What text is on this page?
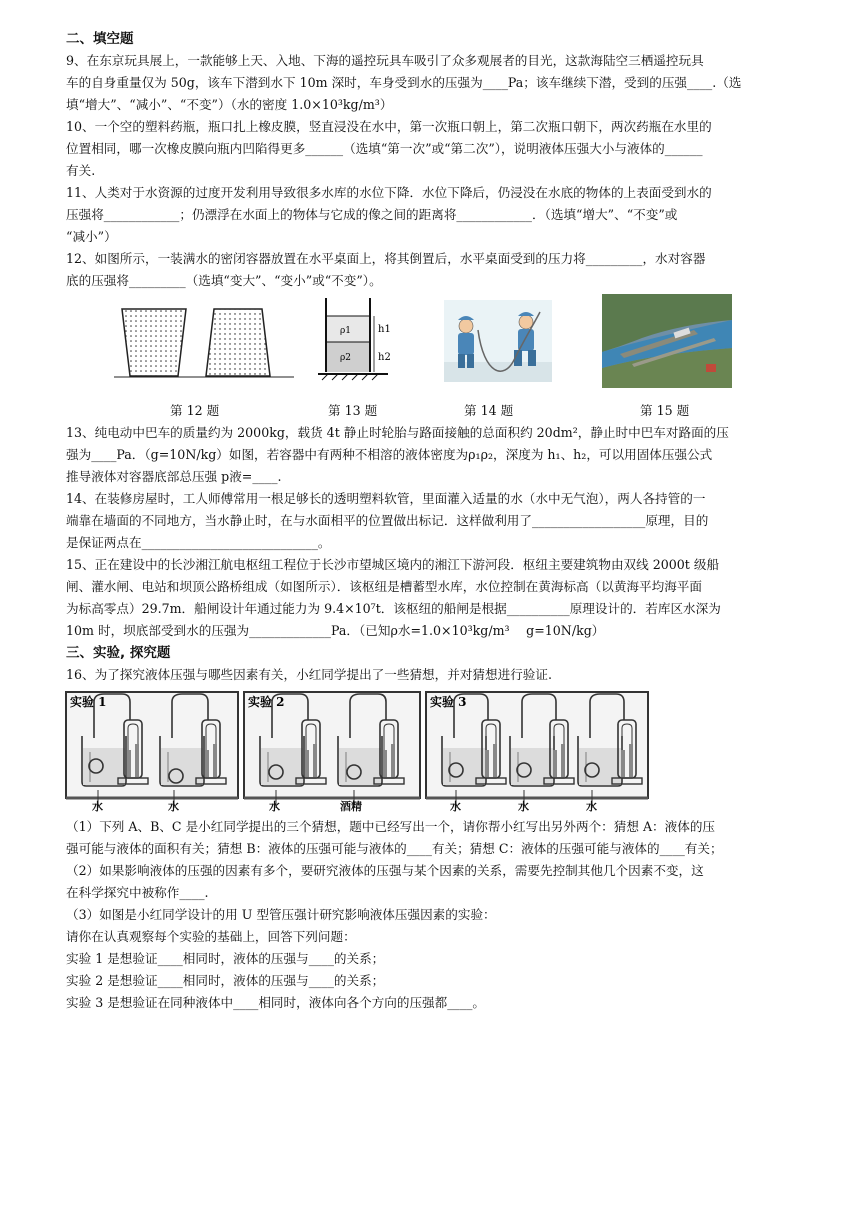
二、填空题

9、在东京玩具展上，一款能够上天、入地、下海的遥控玩具车吸引了众多观展者的目光，这款海陆空三栖遥控玩具

车的自身重量仅为 50g，该车下潜到水下 10m 深时，车身受到水的压强为____Pa；该车继续下潜，受到的压强____.（选

填“增大”、“减小”、“不变”）（水的密度 1.0×10³kg/m³）

10、一个空的塑料药瓶，瓶口扎上橡皮膜，竖直浸没在水中，第一次瓶口朝上，第二次瓶口朝下，两次药瓶在水里的

位置相同，哪一次橡皮膜向瓶内凹陷得更多______（选填“第一次”或“第二次”），说明液体压强大小与液体的______

有关.

11、人类对于水资源的过度开发利用导致很多水库的水位下降．水位下降后，仍浸没在水底的物体的上表面受到水的

压强将____________；仍漂浮在水面上的物体与它成的像之间的距离将____________．（选填“增大”、“不变”或

“减小”）

12、如图所示，一装满水的密闭容器放置在水平桌面上，将其倒置后，水平桌面受到的压力将_________，水对容器

底的压强将_________（选填“变大”、“变小”或“不变”）。

ρ1
ρ2
h1
h2
第 12 题	第 13 题	第 14 题	第 15 题

13、纯电动中巴车的质量约为 2000kg，载货 4t 静止时轮胎与路面接触的总面积约 20dm²，静止时中巴车对路面的压

强为____Pa．（g=10N/kg）如图，若容器中有两种不相溶的液体密度为ρ₁ρ₂，深度为 h₁、h₂，可以用固体压强公式

推导液体对容器底部总压强 p液=____.

14、在装修房屋时，工人师傅常用一根足够长的透明塑料软管，里面灌入适量的水（水中无气泡），两人各持管的一

端靠在墙面的不同地方，当水静止时，在与水面相平的位置做出标记．这样做利用了__________________原理，目的

是保证两点在____________________________。

15、正在建设中的长沙湘江航电枢纽工程位于长沙市望城区境内的湘江下游河段．枢纽主要建筑物由双线 2000t 级船

闸、灌水闸、电站和坝顶公路桥组成（如图所示）．该枢纽是槽蓄型水库，水位控制在黄海标高（以黄海平均海平面

为标高零点）29.7m．船闸设计年通过能力为 9.4×10⁷t．该枢纽的船闸是根据__________原理设计的．若库区水深为

10m 时，坝底部受到水的压强为_____________Pa．（已知ρ水=1.0×10³kg/m³　 g=10N/kg）

三、实验, 探究题

16、为了探究液体压强与哪些因素有关，小红同学提出了一些猜想，并对猜想进行验证.

实验 1	实验 2	实验 3
水	水	水	酒精	水	水	水

（1）下列 A、B、C 是小红同学提出的三个猜想，题中已经写出一个，请你帮小红写出另外两个：猜想 A：液体的压

强可能与液体的面积有关；猜想 B：液体的压强可能与液体的____有关；猜想 C：液体的压强可能与液体的____有关；

（2）如果影响液体的压强的因素有多个，要研究液体的压强与某个因素的关系，需要先控制其他几个因素不变，这

在科学探究中被称作____.

（3）如图是小红同学设计的用 U 型管压强计研究影响液体压强因素的实验：

请你在认真观察每个实验的基础上，回答下列问题：

实验 1 是想验证____相同时，液体的压强与____的关系；

实验 2 是想验证____相同时，液体的压强与____的关系；

实验 3 是想验证在同种液体中____相同时，液体向各个方向的压强都____。
